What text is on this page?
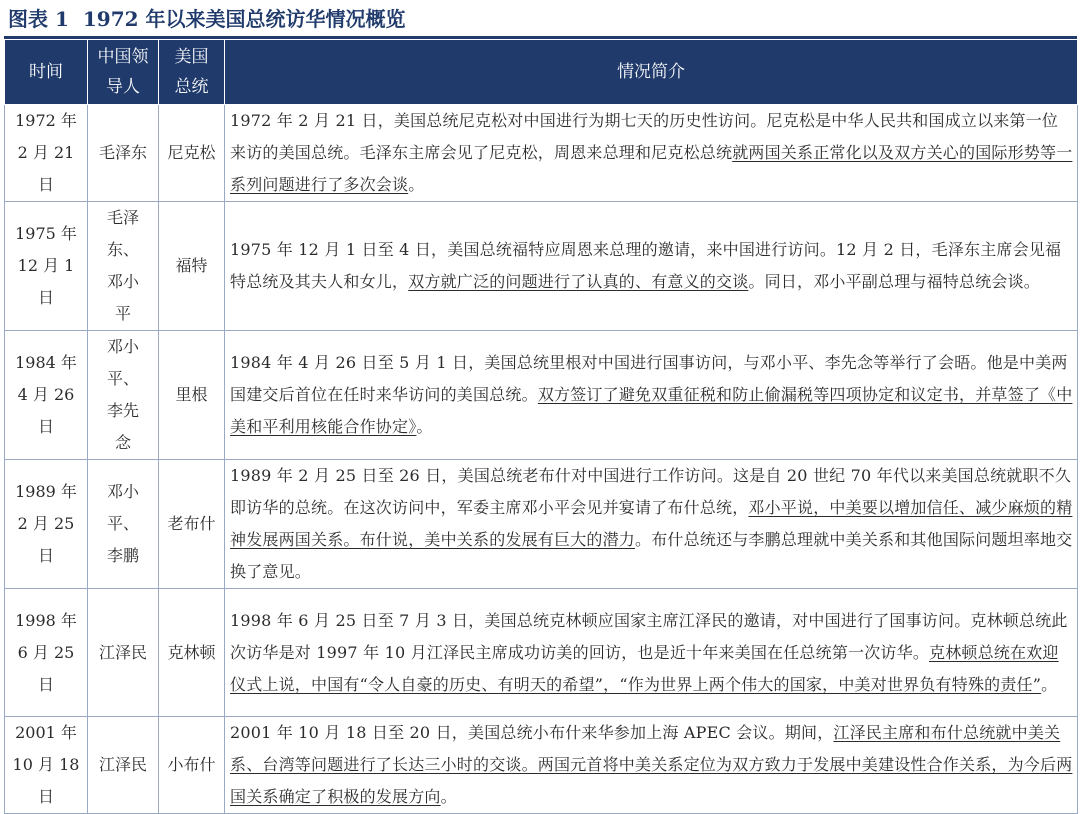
图表 1 1972 年以来美国总统访华情况概览
时间	中国领导人	美国总统	情况简介

1972 年 2 月 21 日	毛泽东	尼克松	1972 年 2 月 21 日，美国总统尼克松对中国进行为期七天的历史性访问。尼克松是中华人民共和国成立以来第一位来访的美国总统。毛泽东主席会见了尼克松，周恩来总理和尼克松总统就两国关系正常化以及双方关心的国际形势等一系列问题进行了多次会谈。

1975 年 12 月 1 日	毛泽东、邓小平	福特	1975 年 12 月 1 日至 4 日，美国总统福特应周恩来总理的邀请，来中国进行访问。12 月 2 日，毛泽东主席会见福特总统及其夫人和女儿，双方就广泛的问题进行了认真的、有意义的交谈。同日，邓小平副总理与福特总统会谈。

1984 年 4 月 26 日	邓小平、李先念	里根	1984 年 4 月 26 日至 5 月 1 日，美国总统里根对中国进行国事访问，与邓小平、李先念等举行了会晤。他是中美两国建交后首位在任时来华访问的美国总统。双方签订了避免双重征税和防止偷漏税等四项协定和议定书，并草签了《中美和平利用核能合作协定》。

1989 年 2 月 25 日	邓小平、李鹏	老布什	1989 年 2 月 25 日至 26 日，美国总统老布什对中国进行工作访问。这是自 20 世纪 70 年代以来美国总统就职不久即访华的总统。在这次访问中，军委主席邓小平会见并宴请了布什总统，邓小平说，中美要以增加信任、减少麻烦的精神发展两国关系。布什说，美中关系的发展有巨大的潜力。布什总统还与李鹏总理就中美关系和其他国际问题坦率地交换了意见。

1998 年 6 月 25 日	江泽民	克林顿	1998 年 6 月 25 日至 7 月 3 日，美国总统克林顿应国家主席江泽民的邀请，对中国进行了国事访问。克林顿总统此次访华是对 1997 年 10 月江泽民主席成功访美的回访，也是近十年来美国在任总统第一次访华。克林顿总统在欢迎仪式上说，中国有“令人自豪的历史、有明天的希望”，“作为世界上两个伟大的国家，中美对世界负有特殊的责任”。

2001 年 10 月 18 日	江泽民	小布什	2001 年 10 月 18 日至 20 日，美国总统小布什来华参加上海 APEC 会议。期间，江泽民主席和布什总统就中美关系、台湾等问题进行了长达三小时的交谈。两国元首将中美关系定位为双方致力于发展中美建设性合作关系，为今后两国关系确定了积极的发展方向。
